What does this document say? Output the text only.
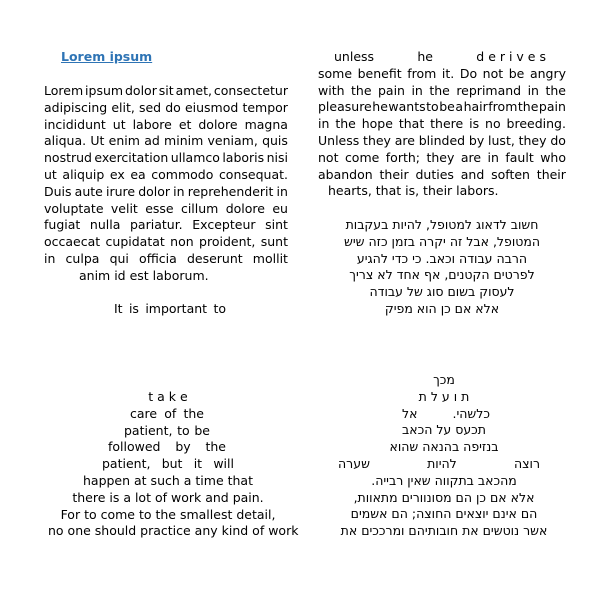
Lorem ipsum
Lorem ipsum dolor sit amet, consectetur
adipiscing elit, sed do eiusmod tempor
incididunt ut labore et dolore magna
aliqua. Ut enim ad minim veniam, quis
nostrud exercitation ullamco laboris nisi
ut aliquip ex ea commodo consequat.
Duis aute irure dolor in reprehenderit in
voluptate velit esse cillum dolore eu
fugiat nulla pariatur. Excepteur sint
occaecat cupidatat non proident, sunt
in culpa qui officia deserunt mollit
anim id est laborum.
It is important to
unless	he	d e r i v e s
some benefit from it. Do not be angry
with the pain in the reprimand in the
pleasure he wants to be a hair from the pain
in the hope that there is no breeding.
Unless they are blinded by lust, they do
not come forth; they are in fault who
abandon their duties and soften their
hearts, that is, their labors.
חשוב לדאוג למטופל, להיות בעקבות
המטופל, אבל זה יקרה בזמן כזה שיש
הרבה עבודה וכאב. כי כדי להגיע
לפרטים הקטנים, אף אחד לא צריך
לעסוק בשום סוג של עבודה
אלא אם כן הוא מפיק
t a k e
care of the
patient, to be
followed by the
patient, but it will
happen at such a time that
there is a lot of work and pain.
For to come to the smallest detail,
no one should practice any kind of work
מכך
ת ו ע ל ת
כלשהי.
אל
תכעס על הכאב
בנזיפה בהנאה שהוא
רוצה
להיות
שערה
מהכאב בתקווה שאין רבייה.
אלא אם כן הם מסונוורים מתאוות,
הם אינם יוצאים החוצה; הם אשמים
אשר נוטשים את חובותיהם ומרככים את
